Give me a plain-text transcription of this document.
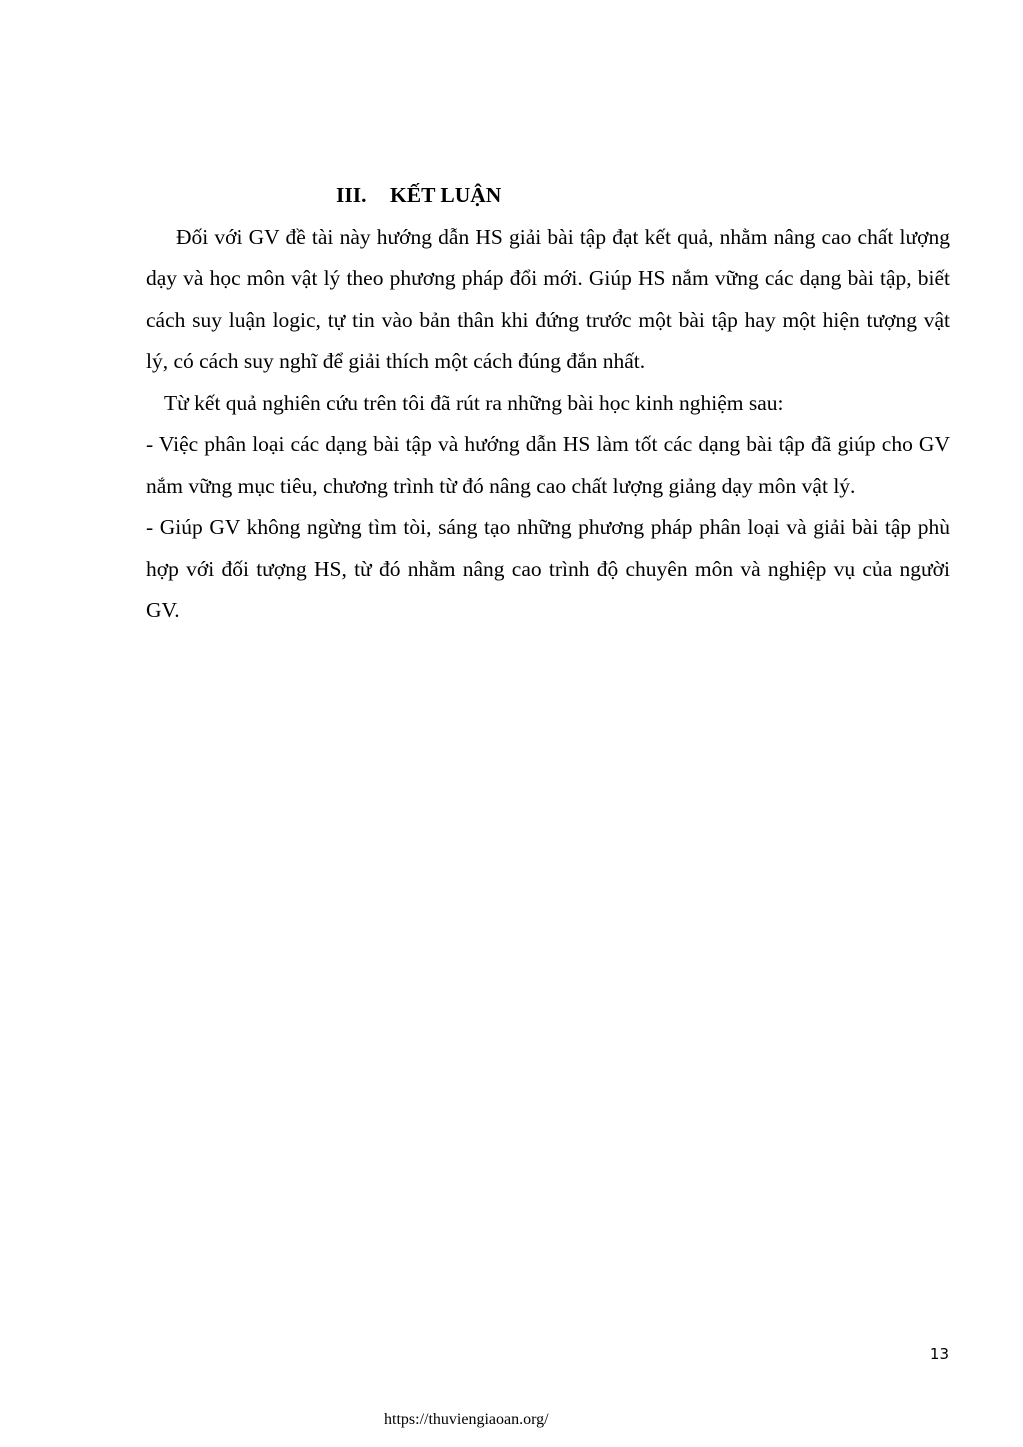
III. KẾT LUẬN

Đối với GV đề tài này hướng dẫn HS giải bài tập đạt kết quả, nhằm nâng cao chất lượng dạy và học môn vật lý theo phương pháp đổi mới. Giúp HS nắm vững các dạng bài tập, biết cách suy luận logic, tự tin vào bản thân khi đứng trước một bài tập hay một hiện tượng vật lý, có cách suy nghĩ để giải thích một cách đúng đắn nhất.

Từ kết quả nghiên cứu trên tôi đã rút ra những bài học kinh nghiệm sau:

- Việc phân loại các dạng bài tập và hướng dẫn HS làm tốt các dạng bài tập đã giúp cho GV nắm vững mục tiêu, chương trình từ đó nâng cao chất lượng giảng dạy môn vật lý.

- Giúp GV không ngừng tìm tòi, sáng tạo những phương pháp phân loại và giải bài tập phù hợp với đối tượng HS, từ đó nhằm nâng cao trình độ chuyên môn và nghiệp vụ của người GV.

13
https://thuviengiaoan.org/
